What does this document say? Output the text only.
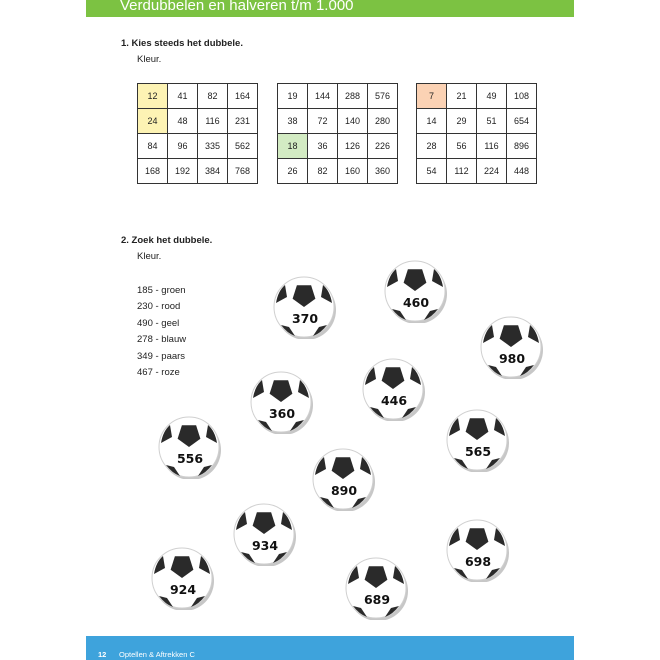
Verdubbelen en halveren t/m 1.000
1. Kies steeds het dubbele.
Kleur.
12	41	82	164
24	48	116	231
84	96	335	562
168	192	384	768
19	144	288	576
38	72	140	280
18	36	126	226
26	82	160	360
7	21	49	108
14	29	51	654
28	56	116	896
54	112	224	448
2. Zoek het dubbele.
Kleur.
185 - groen
230 - rood
490 - geel
278 - blauw
349 - paars
467 - roze
370
460
980
446
360
556	565
890
934
698
924
689
12 Optellen & Aftrekken C
